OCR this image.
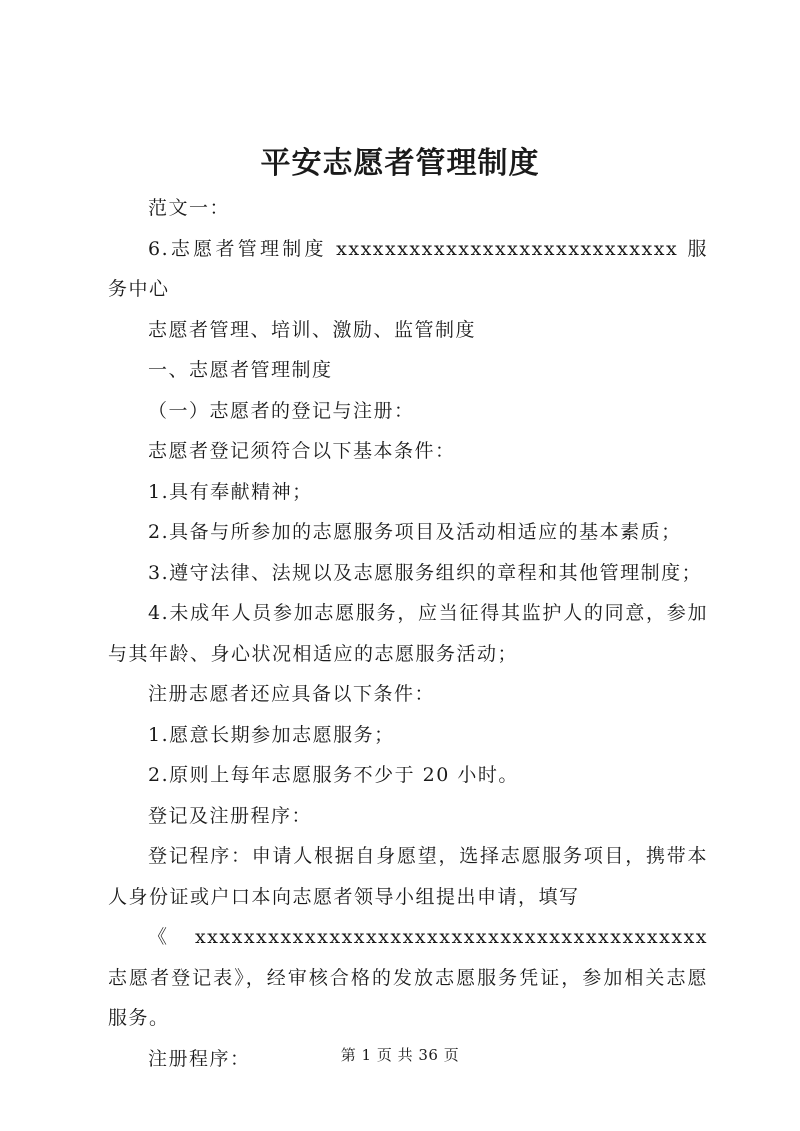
平安志愿者管理制度

范文一：

6.志愿者管理制度 xxxxxxxxxxxxxxxxxxxxxxxxxxxx 服务中心

志愿者管理、培训、激励、监管制度

一、志愿者管理制度

（一）志愿者的登记与注册：

志愿者登记须符合以下基本条件：

1.具有奉献精神；

2.具备与所参加的志愿服务项目及活动相适应的基本素质；

3.遵守法律、法规以及志愿服务组织的章程和其他管理制度；

4.未成年人员参加志愿服务，应当征得其监护人的同意，参加与其年龄、身心状况相适应的志愿服务活动；

注册志愿者还应具备以下条件：

1.愿意长期参加志愿服务；

2.原则上每年志愿服务不少于 20 小时。

登记及注册程序：

登记程序：申请人根据自身愿望，选择志愿服务项目，携带本人身份证或户口本向志愿者领导小组提出申请，填写

《xxxxxxxxxxxxxxxxxxxxxxxxxxxxxxxxxxxxxxxxxx 志愿者登记表》，经审核合格的发放志愿服务凭证，参加相关志愿服务。

注册程序：	第 1 页 共 36 页
